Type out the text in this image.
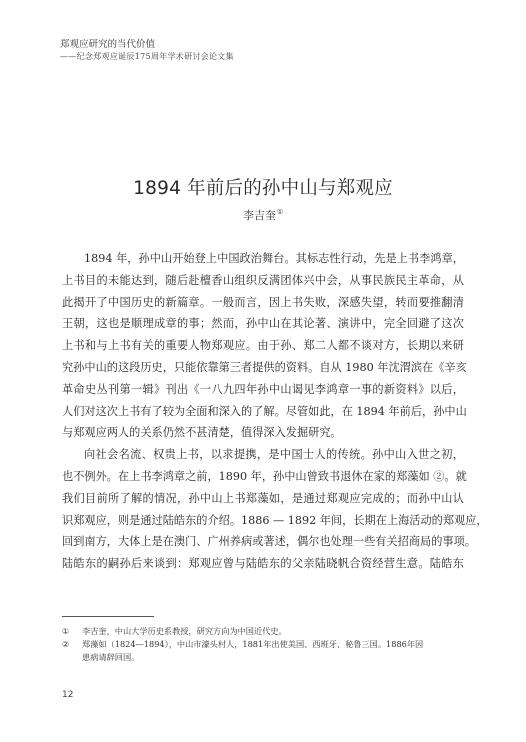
郑观应研究的当代价值
——纪念郑观应诞辰175周年学术研讨会论文集
1894 年前后的孙中山与郑观应
李吉奎①
1894 年，孙中山开始登上中国政治舞台。其标志性行动，先是上书李鸿章，
上书目的未能达到，随后赴檀香山组织反满团体兴中会，从事民族民主革命，从
此揭开了中国历史的新篇章。一般而言，因上书失败，深感失望，转而要推翻清
王朝，这也是顺理成章的事；然而，孙中山在其论著、演讲中，完全回避了这次
上书和与上书有关的重要人物郑观应。由于孙、郑二人都不谈对方，长期以来研
究孙中山的这段历史，只能依靠第三者提供的资料。自从 1980 年沈渭滨在《辛亥
革命史丛刊第一辑》刊出《一八九四年孙中山谒见李鸿章一事的新资料》以后，
人们对这次上书有了较为全面和深入的了解。尽管如此，在 1894 年前后，孙中山
与郑观应两人的关系仍然不甚清楚，值得深入发掘研究。
向社会名流、权贵上书，以求提携，是中国士人的传统。孙中山入世之初，
也不例外。在上书李鸿章之前，1890 年，孙中山曾致书退休在家的郑藻如 ②。就
我们目前所了解的情况，孙中山上书郑藻如，是通过郑观应完成的；而孙中山认
识郑观应，则是通过陆皓东的介绍。1886 — 1892 年间，长期在上海活动的郑观应，
回到南方，大体上是在澳门、广州养病或著述，偶尔也处理一些有关招商局的事项。
陆皓东的嗣孙后来谈到：郑观应曾与陆皓东的父亲陆晓帆合资经营生意。陆皓东
①	李吉奎，中山大学历史系教授，研究方向为中国近代史。
②	郑藻如（1824—1894），中山市濠头村人，1881年出使美国、西班牙、秘鲁三国。1886年因
患病请辞回国。
12
